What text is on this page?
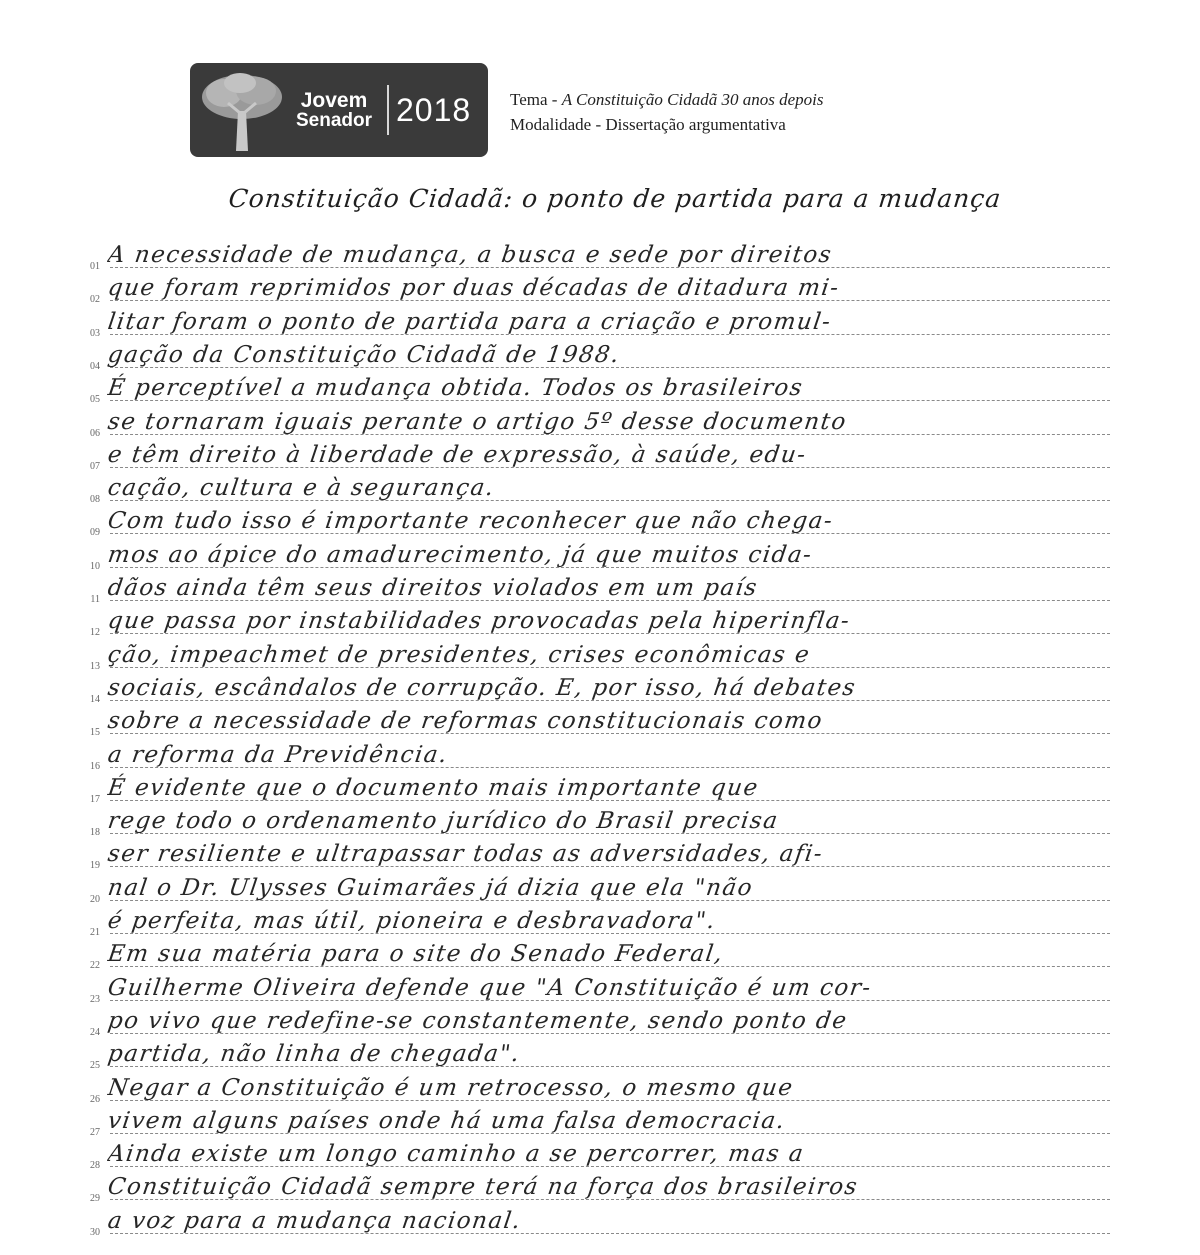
Jovem
Senador 2018 Tema - A Constituição Cidadã 30 anos depois
Modalidade - Dissertação argumentativa
Constituição Cidadã: o ponto de partida para a mudança
01 A necessidade de mudança, a busca e sede por direitos
02 que foram reprimidos por duas décadas de ditadura mi-
03 litar foram o ponto de partida para a criação e promul-
04 gação da Constituição Cidadã de 1988.
05 É perceptível a mudança obtida. Todos os brasileiros
06 se tornaram iguais perante o artigo 5º desse documento
07 e têm direito à liberdade de expressão, à saúde, edu-
08 cação, cultura e à segurança.
09 Com tudo isso é importante reconhecer que não chega-
10 mos ao ápice do amadurecimento, já que muitos cida-
11 dãos ainda têm seus direitos violados em um país
12 que passa por instabilidades provocadas pela hiperinfla-
13 ção, impeachmet de presidentes, crises econômicas e
14 sociais, escândalos de corrupção. E, por isso, há debates
15 sobre a necessidade de reformas constitucionais como
16 a reforma da Previdência.
17 É evidente que o documento mais importante que
18 rege todo o ordenamento jurídico do Brasil precisa
19 ser resiliente e ultrapassar todas as adversidades, afi-
20 nal o Dr. Ulysses Guimarães já dizia que ela "não
21 é perfeita, mas útil, pioneira e desbravadora".
22 Em sua matéria para o site do Senado Federal,
23 Guilherme Oliveira defende que "A Constituição é um cor-
24 po vivo que redefine-se constantemente, sendo ponto de
25 partida, não linha de chegada".
26 Negar a Constituição é um retrocesso, o mesmo que
27 vivem alguns países onde há uma falsa democracia.
28 Ainda existe um longo caminho a se percorrer, mas a
29 Constituição Cidadã sempre terá na força dos brasileiros
30 a voz para a mudança nacional.
